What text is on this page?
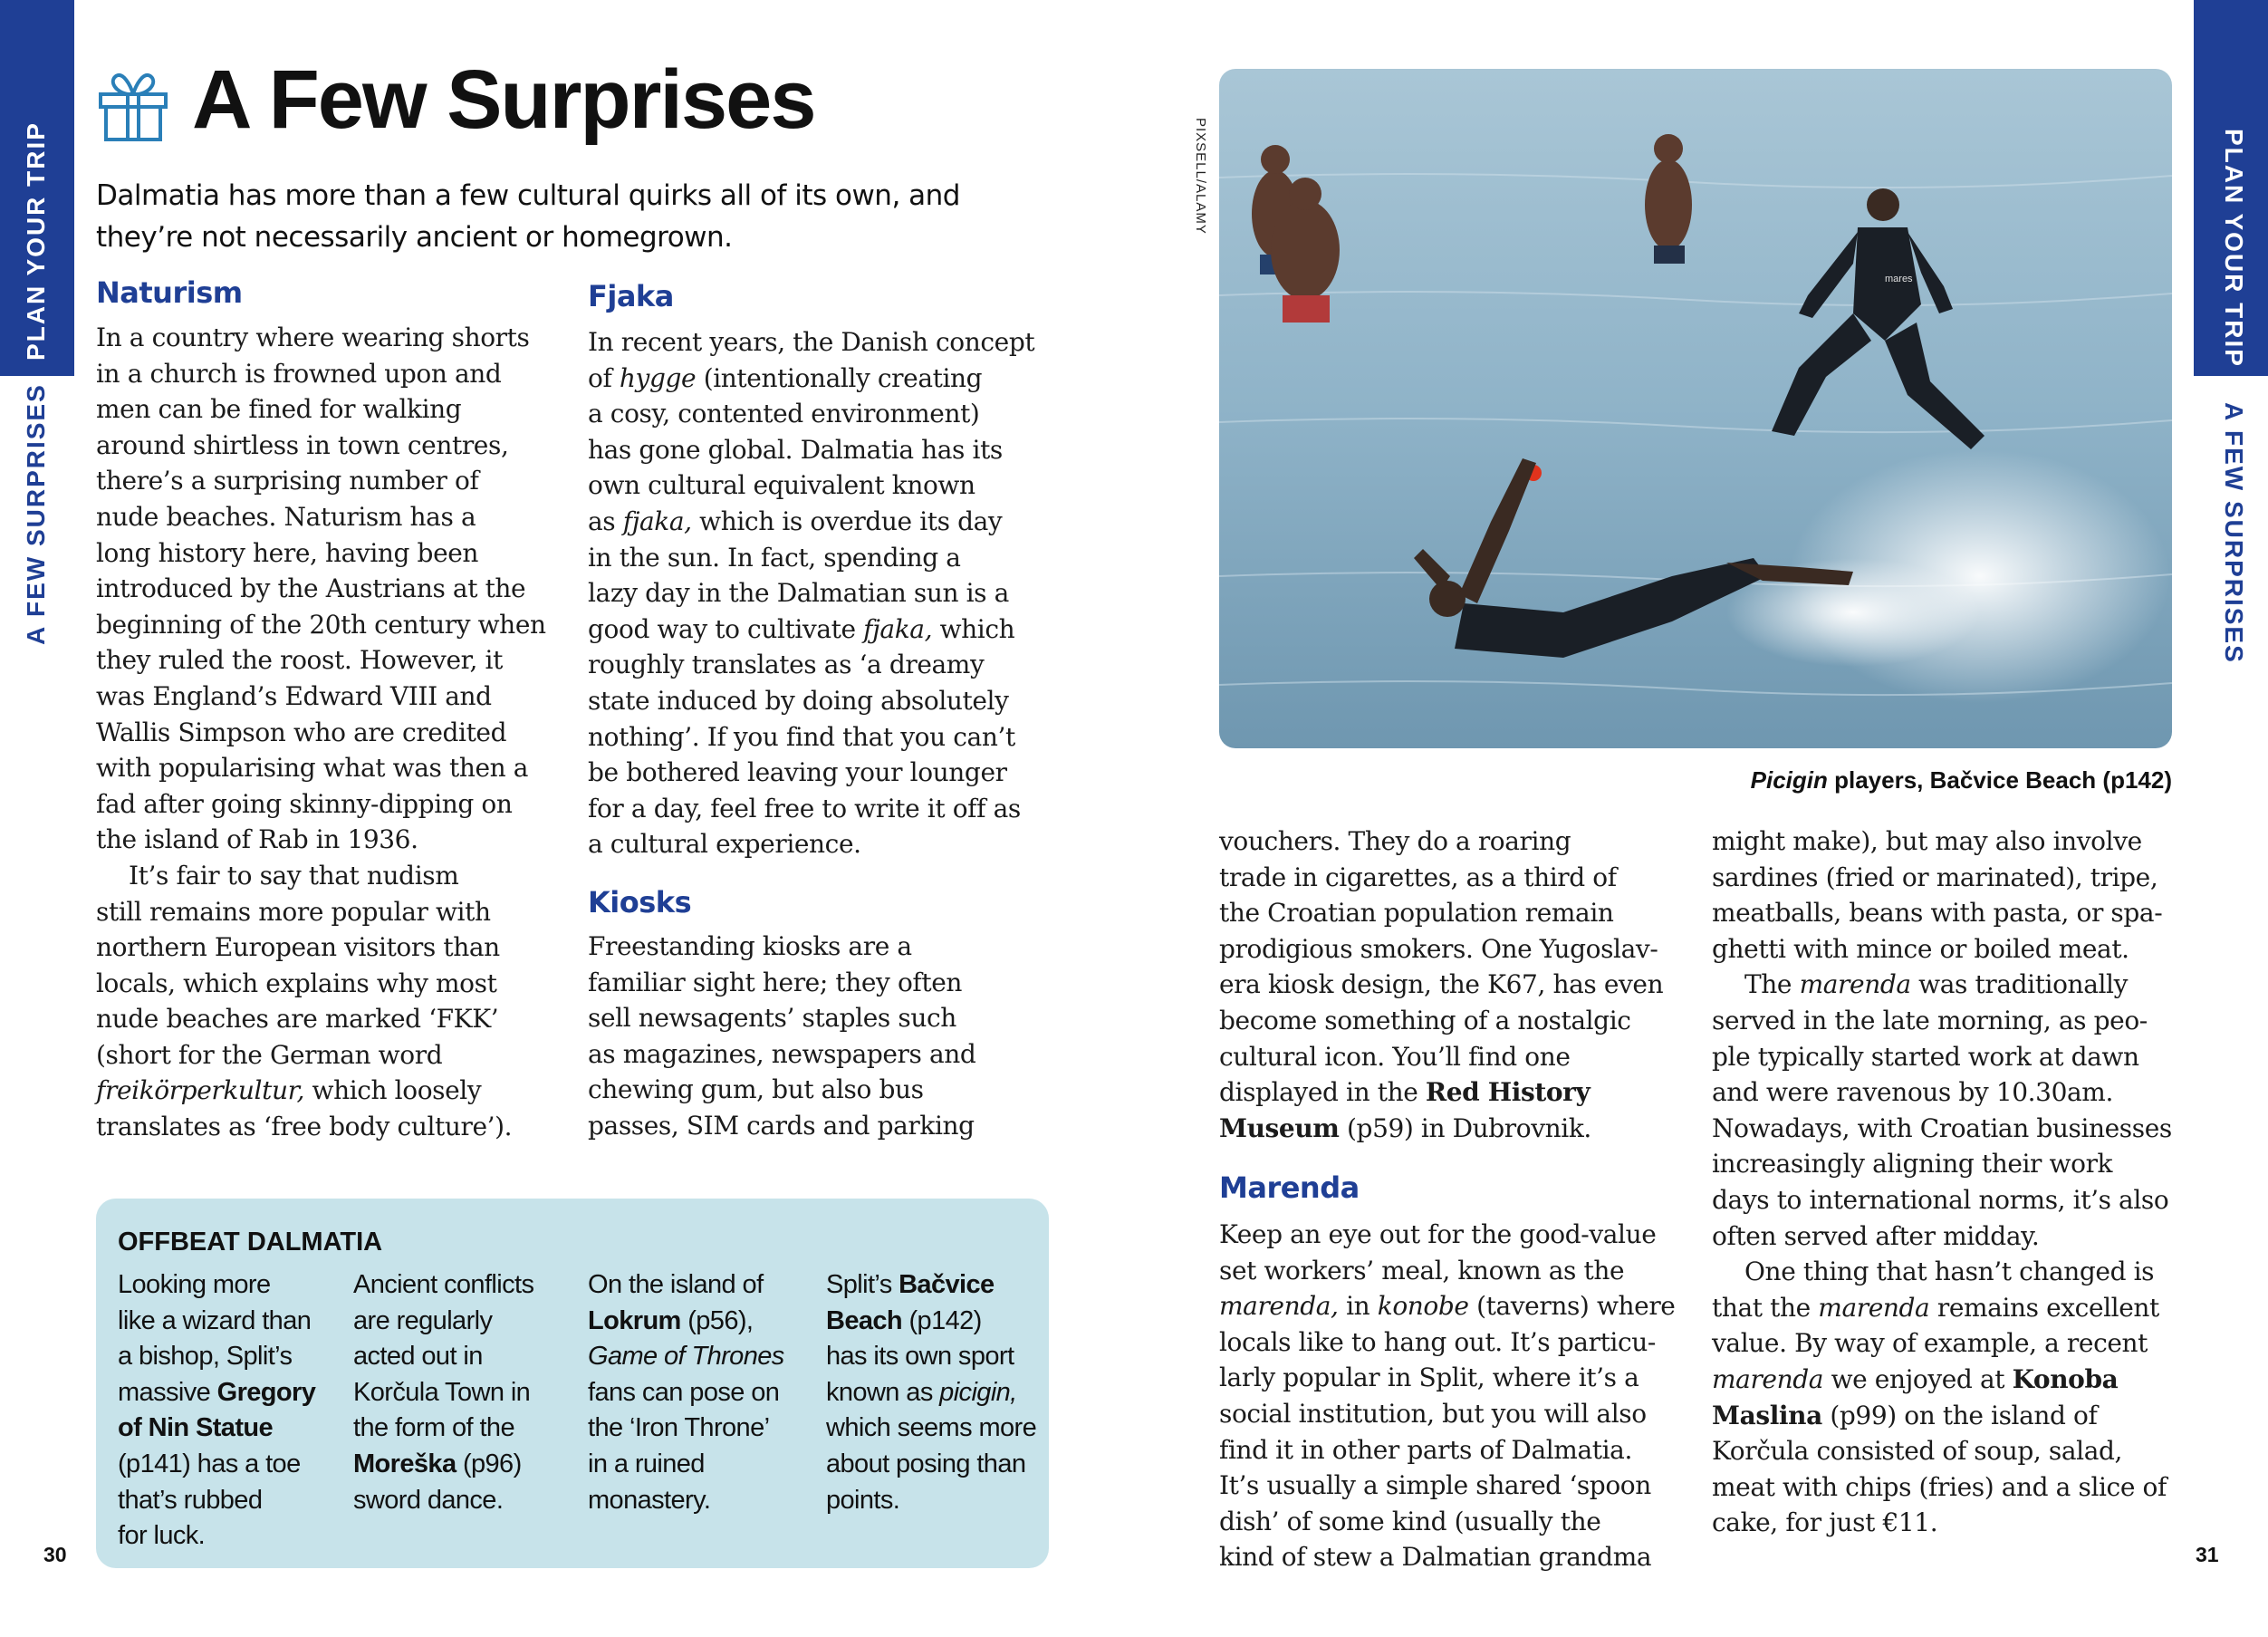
PLAN YOUR TRIP
A FEW SURPRISES
PLAN YOUR TRIP
A FEW SURPRISES
30	31
A Few Surprises
Dalmatia has more than a few cultural quirks all of its own, and they’re not necessarily ancient or homegrown.
Naturism

In a country where wearing shorts
in a church is frowned upon and
men can be fined for walking
around shirtless in town centres,
there’s a surprising number of
nude beaches. Naturism has a
long history here, having been
introduced by the Austrians at the
beginning of the 20th century when
they ruled the roost. However, it
was England’s Edward VIII and
Wallis Simpson who are credited
with popularising what was then a
fad after going skinny-dipping on
the island of Rab in 1936.

It’s fair to say that nudism
still remains more popular with
northern European visitors than
locals, which explains why most
nude beaches are marked ‘FKK’
(short for the German word
freikörperkultur, which loosely
translates as ‘free body culture’).

Fjaka

In recent years, the Danish concept
of hygge (intentionally creating
a cosy, contented environment)
has gone global. Dalmatia has its
own cultural equivalent known
as fjaka, which is overdue its day
in the sun. In fact, spending a
lazy day in the Dalmatian sun is a
good way to cultivate fjaka, which
roughly translates as ‘a dreamy
state induced by doing absolutely
nothing’. If you find that you can’t
be bothered leaving your lounger
for a day, feel free to write it off as
a cultural experience.

Kiosks

Freestanding kiosks are a
familiar sight here; they often
sell newsagents’ staples such
as magazines, newspapers and
chewing gum, but also bus
passes, SIM cards and parking

OFFBEAT DALMATIA

Looking more
like a wizard than
a bishop, Split’s
massive Gregory
of Nin Statue
(p141) has a toe
that’s rubbed
for luck.

Ancient conflicts
are regularly
acted out in
Korčula Town in
the form of the
Moreška (p96)
sword dance.

On the island of
Lokrum (p56),
Game of Thrones
fans can pose on
the ‘Iron Throne’
in a ruined
monastery.

Split’s Bačvice
Beach (p142)
has its own sport
known as picigin,
which seems more
about posing than
points.

PIXSELL/ALAMY
mares
Picigin players, Bačvice Beach (p142)

vouchers. They do a roaring
trade in cigarettes, as a third of
the Croatian population remain
prodigious smokers. One Yugoslav-
era kiosk design, the K67, has even
become something of a nostalgic
cultural icon. You’ll find one
displayed in the Red History
Museum (p59) in Dubrovnik.

Marenda

Keep an eye out for the good-value
set workers’ meal, known as the
marenda, in konobe (taverns) where
locals like to hang out. It’s particu-
larly popular in Split, where it’s a
social institution, but you will also
find it in other parts of Dalmatia.
It’s usually a simple shared ‘spoon
dish’ of some kind (usually the
kind of stew a Dalmatian grandma

might make), but may also involve
sardines (fried or marinated), tripe,
meatballs, beans with pasta, or spa-
ghetti with mince or boiled meat.

The marenda was traditionally
served in the late morning, as peo-
ple typically started work at dawn
and were ravenous by 10.30am.
Nowadays, with Croatian businesses
increasingly aligning their work
days to international norms, it’s also
often served after midday.

One thing that hasn’t changed is
that the marenda remains excellent
value. By way of example, a recent
marenda we enjoyed at Konoba
Maslina (p99) on the island of
Korčula consisted of soup, salad,
meat with chips (fries) and a slice of
cake, for just €11.
